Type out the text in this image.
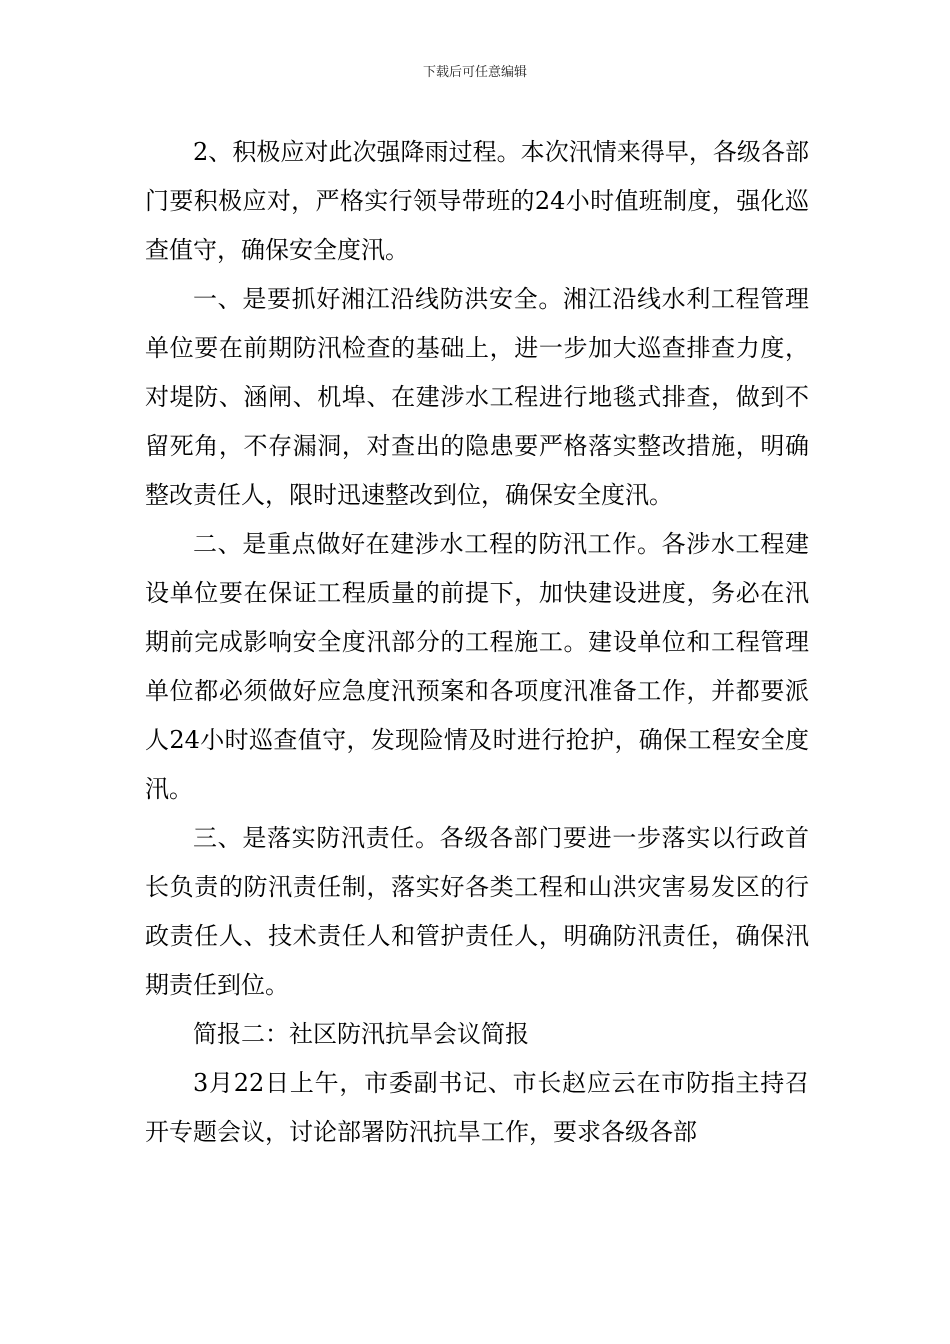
下载后可任意编辑

2、积极应对此次强降雨过程。本次汛情来得早，各级各部门要积极应对，严格实行领导带班的24小时值班制度，强化巡查值守，确保安全度汛。

一、是要抓好湘江沿线防洪安全。湘江沿线水利工程管理单位要在前期防汛检查的基础上，进一步加大巡查排查力度，对堤防、涵闸、机埠、在建涉水工程进行地毯式排查，做到不留死角，不存漏洞，对查出的隐患要严格落实整改措施，明确整改责任人，限时迅速整改到位，确保安全度汛。

二、是重点做好在建涉水工程的防汛工作。各涉水工程建设单位要在保证工程质量的前提下，加快建设进度，务必在汛期前完成影响安全度汛部分的工程施工。建设单位和工程管理单位都必须做好应急度汛预案和各项度汛准备工作，并都要派人24小时巡查值守，发现险情及时进行抢护，确保工程安全度汛。

三、是落实防汛责任。各级各部门要进一步落实以行政首长负责的防汛责任制，落实好各类工程和山洪灾害易发区的行政责任人、技术责任人和管护责任人，明确防汛责任，确保汛期责任到位。

简报二：社区防汛抗旱会议简报

3月22日上午，市委副书记、市长赵应云在市防指主持召开专题会议，讨论部署防汛抗旱工作，要求各级各部
